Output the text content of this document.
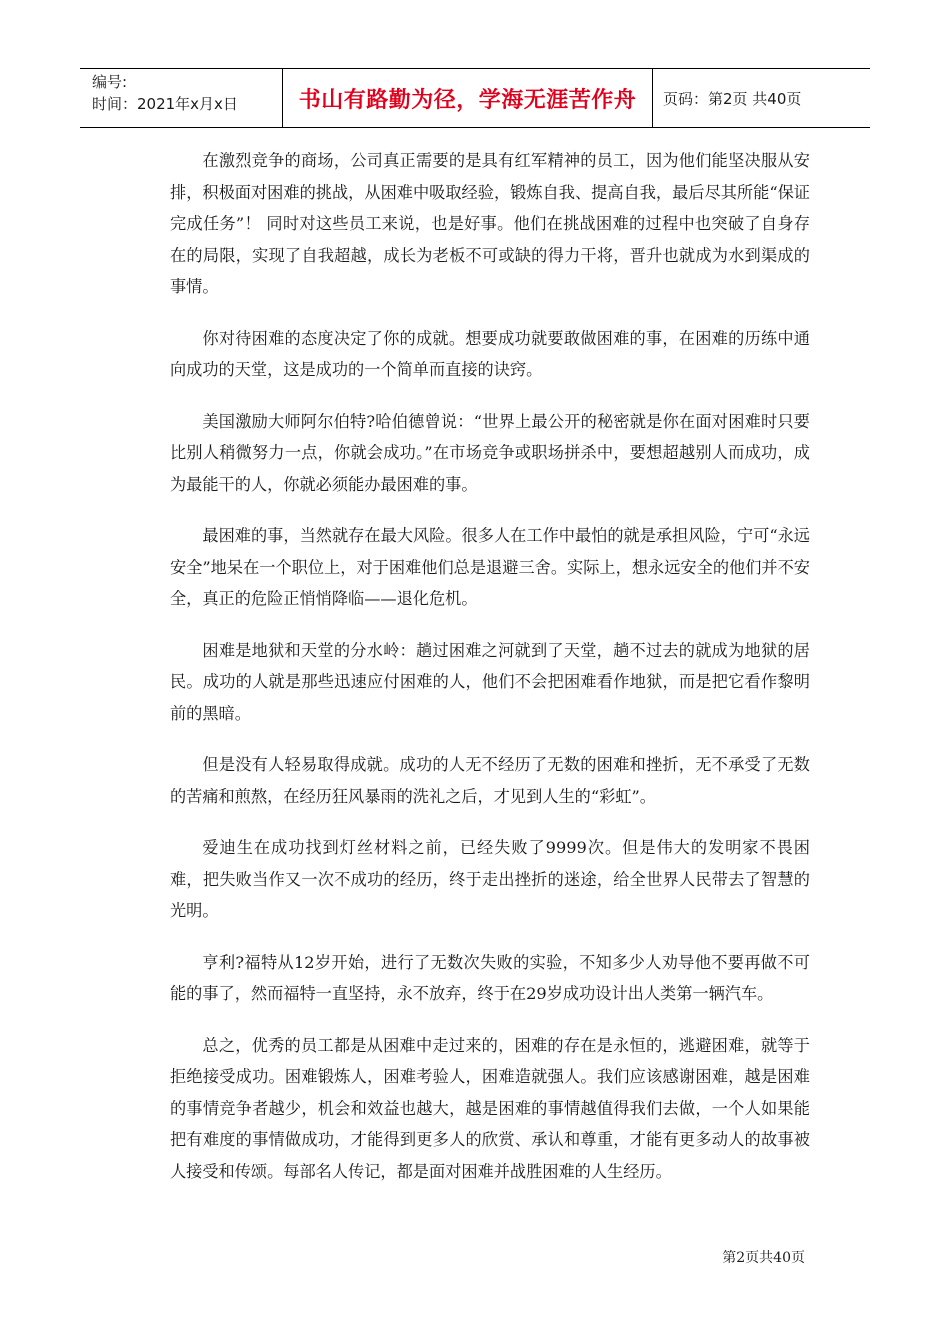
编号:
时间：2021年x月x日	书山有路勤为径，学海无涯苦作舟	页码：第2页 共40页

在激烈竞争的商场，公司真正需要的是具有红军精神的员工，因为他们能坚决服从安排，积极面对困难的挑战，从困难中吸取经验，锻炼自我、提高自我，最后尽其所能“保证完成任务”！ 同时对这些员工来说，也是好事。他们在挑战困难的过程中也突破了自身存在的局限，实现了自我超越，成长为老板不可或缺的得力干将，晋升也就成为水到渠成的事情。

你对待困难的态度决定了你的成就。想要成功就要敢做困难的事，在困难的历练中通向成功的天堂，这是成功的一个简单而直接的诀窍。

美国激励大师阿尔伯特?哈伯德曾说：“世界上最公开的秘密就是你在面对困难时只要比别人稍微努力一点，你就会成功。”在市场竞争或职场拼杀中，要想超越别人而成功，成为最能干的人，你就必须能办最困难的事。

最困难的事，当然就存在最大风险。很多人在工作中最怕的就是承担风险，宁可“永远安全”地呆在一个职位上，对于困难他们总是退避三舍。实际上，想永远安全的他们并不安全，真正的危险正悄悄降临——退化危机。

困难是地狱和天堂的分水岭：趟过困难之河就到了天堂，趟不过去的就成为地狱的居民。成功的人就是那些迅速应付困难的人，他们不会把困难看作地狱，而是把它看作黎明前的黑暗。

但是没有人轻易取得成就。成功的人无不经历了无数的困难和挫折，无不承受了无数的苦痛和煎熬，在经历狂风暴雨的洗礼之后，才见到人生的“彩虹”。

爱迪生在成功找到灯丝材料之前，已经失败了9999次。但是伟大的发明家不畏困难，把失败当作又一次不成功的经历，终于走出挫折的迷途，给全世界人民带去了智慧的光明。

亨利?福特从12岁开始，进行了无数次失败的实验，不知多少人劝导他不要再做不可能的事了，然而福特一直坚持，永不放弃，终于在29岁成功设计出人类第一辆汽车。

总之，优秀的员工都是从困难中走过来的，困难的存在是永恒的，逃避困难，就等于拒绝接受成功。困难锻炼人，困难考验人，困难造就强人。我们应该感谢困难，越是困难的事情竞争者越少，机会和效益也越大，越是困难的事情越值得我们去做，一个人如果能把有难度的事情做成功，才能得到更多人的欣赏、承认和尊重，才能有更多动人的故事被人接受和传颂。每部名人传记，都是面对困难并战胜困难的人生经历。

第2页共40页
